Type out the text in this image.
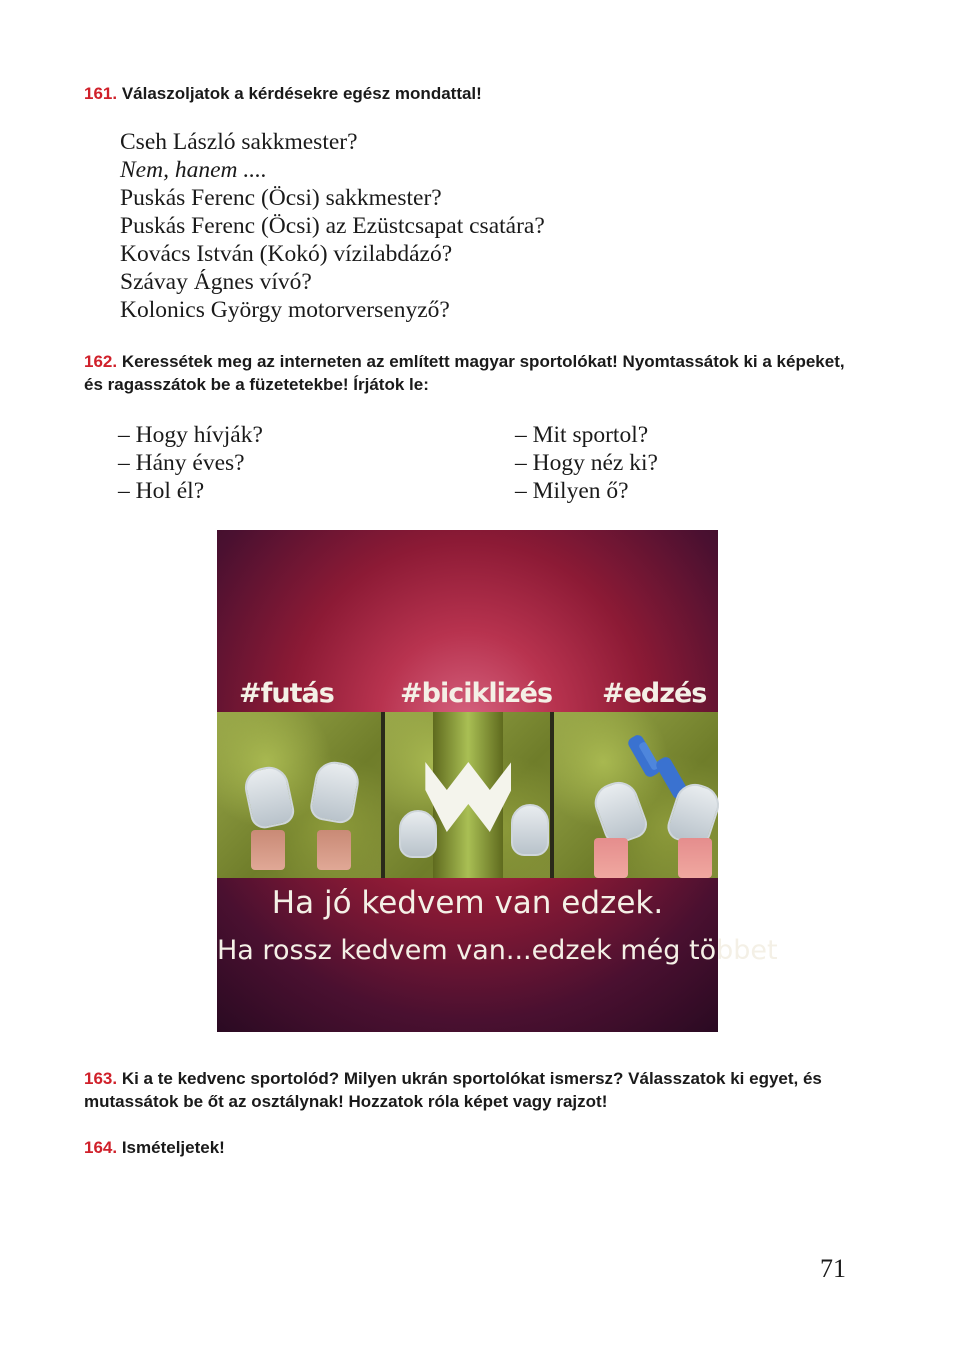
161. Válaszoljatok a kérdésekre egész mondattal!
Cseh László sakkmester?
Nem, hanem ....
Puskás Ferenc (Öcsi) sakkmester?
Puskás Ferenc (Öcsi) az Ezüstcsapat csatára?
Kovács István (Kokó) vízilabdázó?
Szávay Ágnes vívó?
Kolonics György motorversenyző?
162. Keressétek meg az interneten az említett magyar sportolókat! Nyomtassátok ki a képeket, és ragasszátok be a füzetetekbe! Írjátok le:
– Hogy hívják?
– Hány éves?
– Hol él?
– Mit sportol?
– Hogy néz ki?
– Milyen ő?
#futás #biciklizés #edzés
Ha jó kedvem van edzek.
Ha rossz kedvem van...edzek még többet
163. Ki a te kedvenc sportolód? Milyen ukrán sportolókat ismersz? Válasszatok ki egyet, és mutassátok be őt az osztálynak! Hozzatok róla képet vagy rajzot!
164. Ismételjetek!
71
